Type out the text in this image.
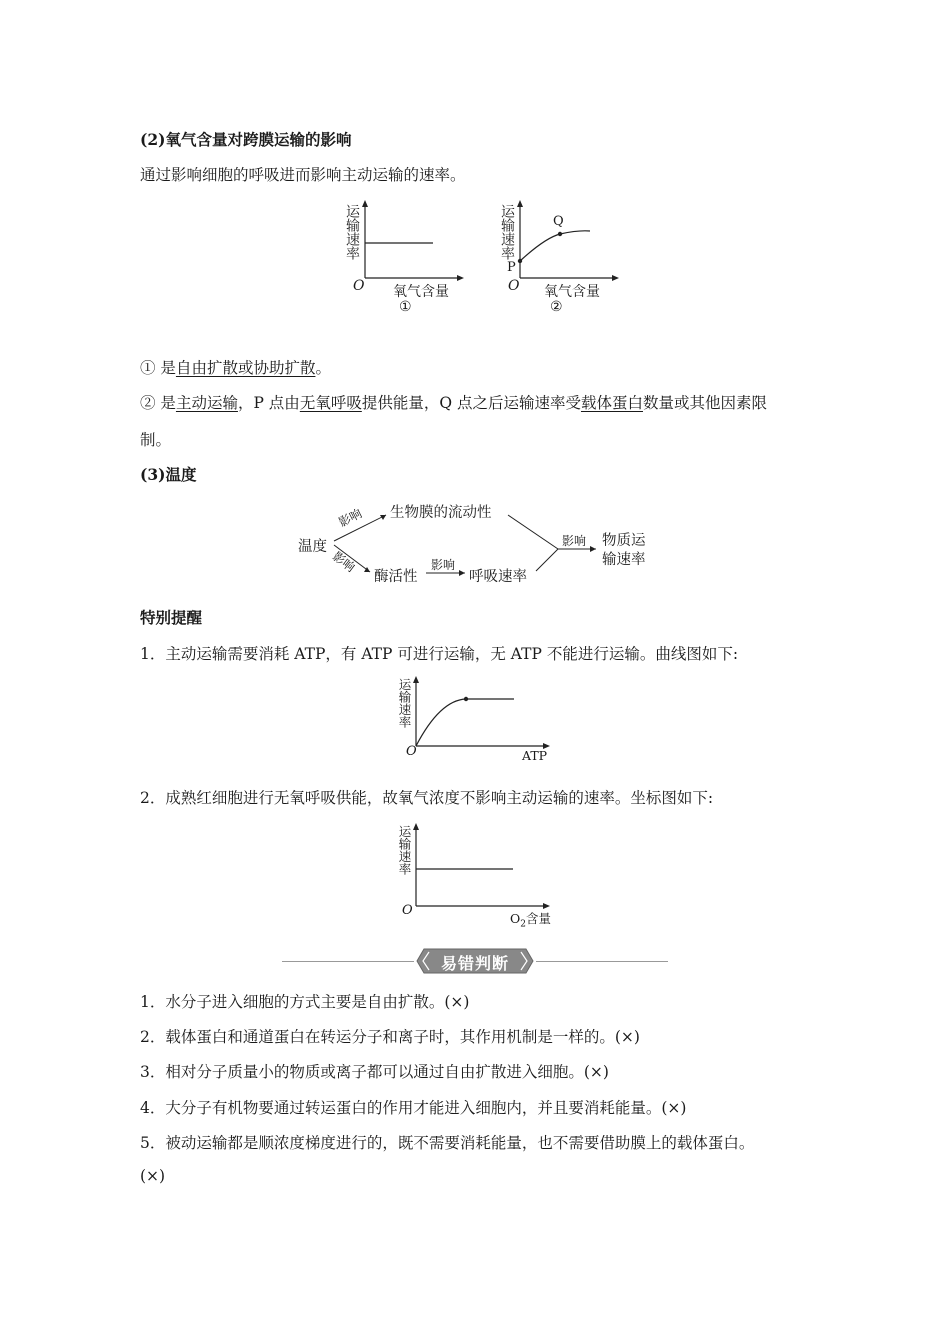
(2)氧气含量对跨膜运输的影响
通过影响细胞的呼吸进而影响主动运输的速率。
运输速率
O 氧气含量
①
运输速率
P
Q
O 氧气含量
②
① 是自由扩散或协助扩散。
② 是主动运输，P 点由无氧呼吸提供能量，Q 点之后运输速率受载体蛋白数量或其他因素限
制。
(3)温度
温度
生物膜的流动性
酶活性	呼吸速率
物质运
输速率
影响
影响	影响
影响
特别提醒
1．主动运输需要消耗 ATP，有 ATP 可进行运输，无 ATP 不能进行运输。曲线图如下:
运输速率
O	ATP
2．成熟红细胞进行无氧呼吸供能，故氧气浓度不影响主动运输的速率。坐标图如下:
运输速率
O
$O_2$含量
易错判断
1．水分子进入细胞的方式主要是自由扩散。(×)
2．载体蛋白和通道蛋白在转运分子和离子时，其作用机制是一样的。(×)
3．相对分子质量小的物质或离子都可以通过自由扩散进入细胞。(×)
4．大分子有机物要通过转运蛋白的作用才能进入细胞内，并且要消耗能量。(×)
5．被动运输都是顺浓度梯度进行的，既不需要消耗能量，也不需要借助膜上的载体蛋白。
(×)
